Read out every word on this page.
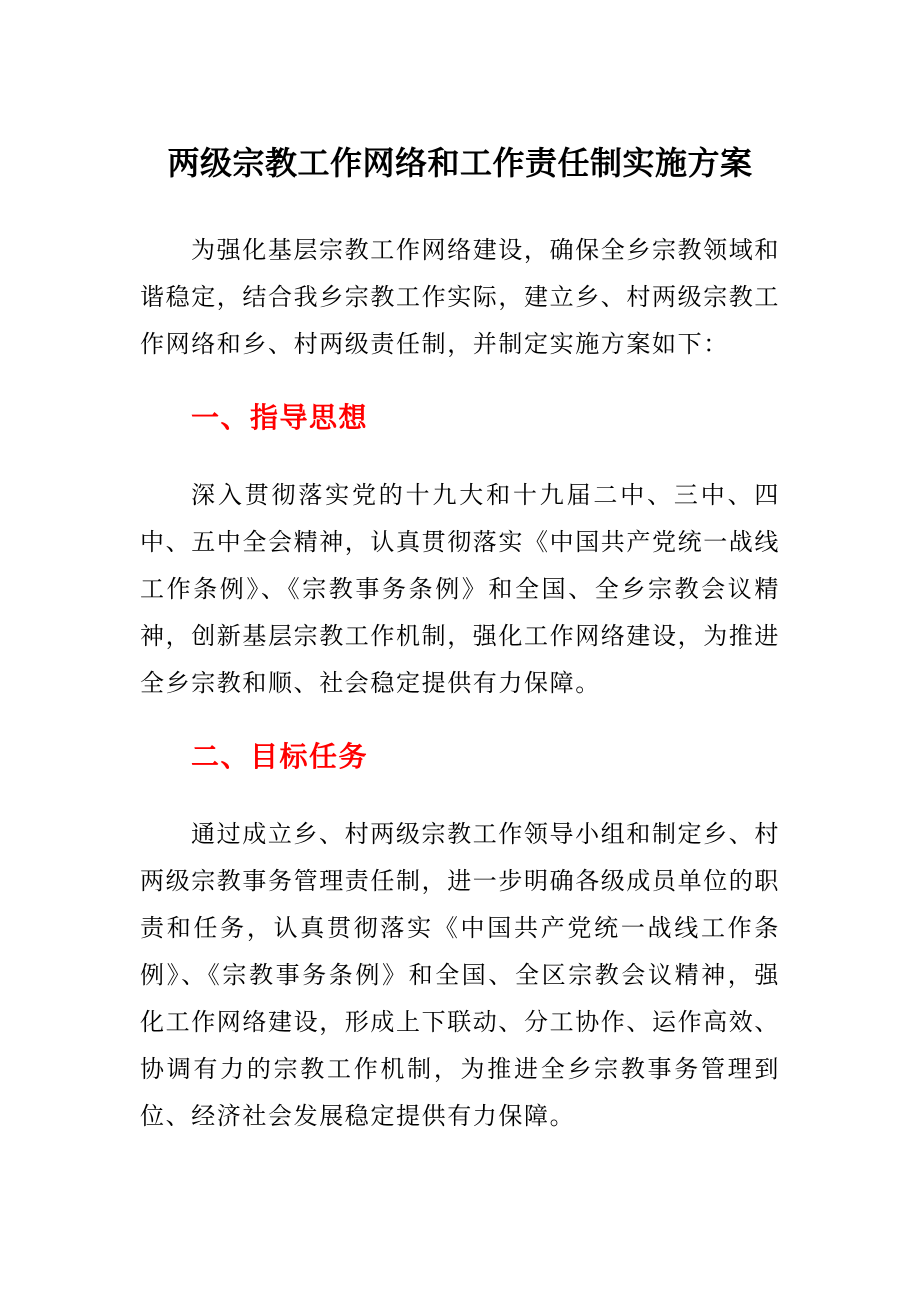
两级宗教工作网络和工作责任制实施方案

为强化基层宗教工作网络建设，确保全乡宗教领域和谐稳定，结合我乡宗教工作实际，建立乡、村两级宗教工作网络和乡、村两级责任制，并制定实施方案如下：

一、指导思想

深入贯彻落实党的十九大和十九届二中、三中、四中、五中全会精神，认真贯彻落实《中国共产党统一战线工作条例》、《宗教事务条例》和全国、全乡宗教会议精神，创新基层宗教工作机制，强化工作网络建设，为推进全乡宗教和顺、社会稳定提供有力保障。

二、目标任务

通过成立乡、村两级宗教工作领导小组和制定乡、村两级宗教事务管理责任制，进一步明确各级成员单位的职责和任务，认真贯彻落实《中国共产党统一战线工作条例》、《宗教事务条例》和全国、全区宗教会议精神，强化工作网络建设，形成上下联动、分工协作、运作高效、协调有力的宗教工作机制，为推进全乡宗教事务管理到位、经济社会发展稳定提供有力保障。
